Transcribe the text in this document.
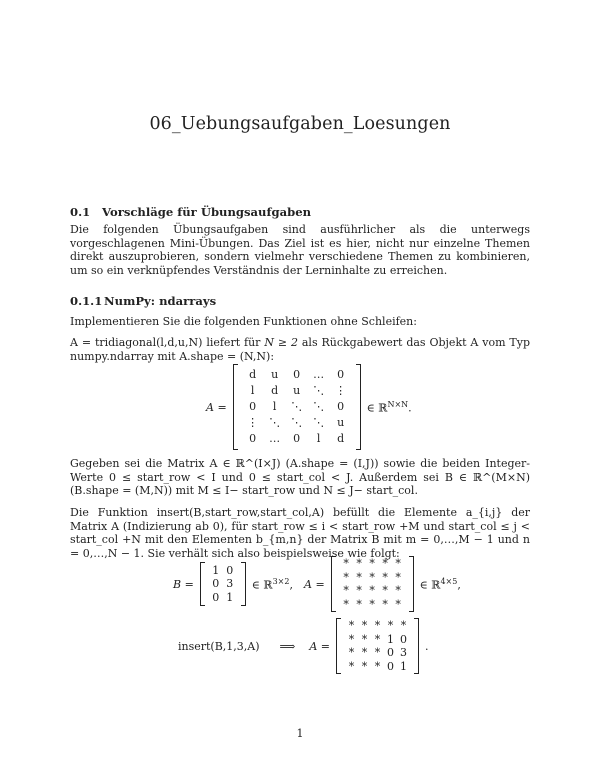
06_Uebungsaufgaben_Loesungen
0.1 Vorschläge für Übungsaufgaben

Die folgenden Übungsaufgaben sind ausführlicher als die unterwegs vorgeschlagenen Mini-Übungen. Das Ziel ist es hier, nicht nur einzelne Themen direkt auszuprobieren, sondern vielmehr verschiedene Themen zu kombinieren, um so ein verknüpfendes Verständnis der Lerninhalte zu erreichen.

0.1.1 NumPy: ndarrays

Implementieren Sie die folgenden Funktionen ohne Schleifen:

A = tridiagonal(l,d,u,N) liefert für N ≥ 2 als Rückgabewert das Objekt A vom Typ numpy.ndarray mit A.shape = (N,N):

A =
d	u	0	…	0
l	d	u	⋱	⋮
0	l	⋱	⋱	0
⋮	⋱	⋱	⋱	u
0	…	0	l	d
∈ ℝ$^{N\times N}$.

Gegeben sei die Matrix A ∈ ℝ^(I×J) (A.shape = (I,J)) sowie die beiden Integer-Werte 0 ≤ start_row < I und 0 ≤ start_col < J. Außerdem sei B ∈ ℝ^(M×N) (B.shape = (M,N)) mit M ≤ I− start_row und N ≤ J− start_col.

Die Funktion insert(B,start_row,start_col,A) befüllt die Elemente a_{i,j} der Matrix A (Indizierung ab 0), für start_row ≤ i < start_row +M und start_col ≤ j < start_col +N mit den Elementen b_{m,n} der Matrix B mit m = 0,…,M − 1 und n = 0,…,N − 1. Sie verhält sich also beispielsweise wie folgt:

B =
1 0
0 3
0 1
∈ ℝ$^{3\times 2}$, A =
* * * * *
* * * * *
* * * * *
* * * * *
∈ ℝ$^{4\times 5}$,
insert(B,1,3,A)	⟹	A =
* * * * *
* * * 1 0
* * * 0 3
* * * 0 1
.
1
